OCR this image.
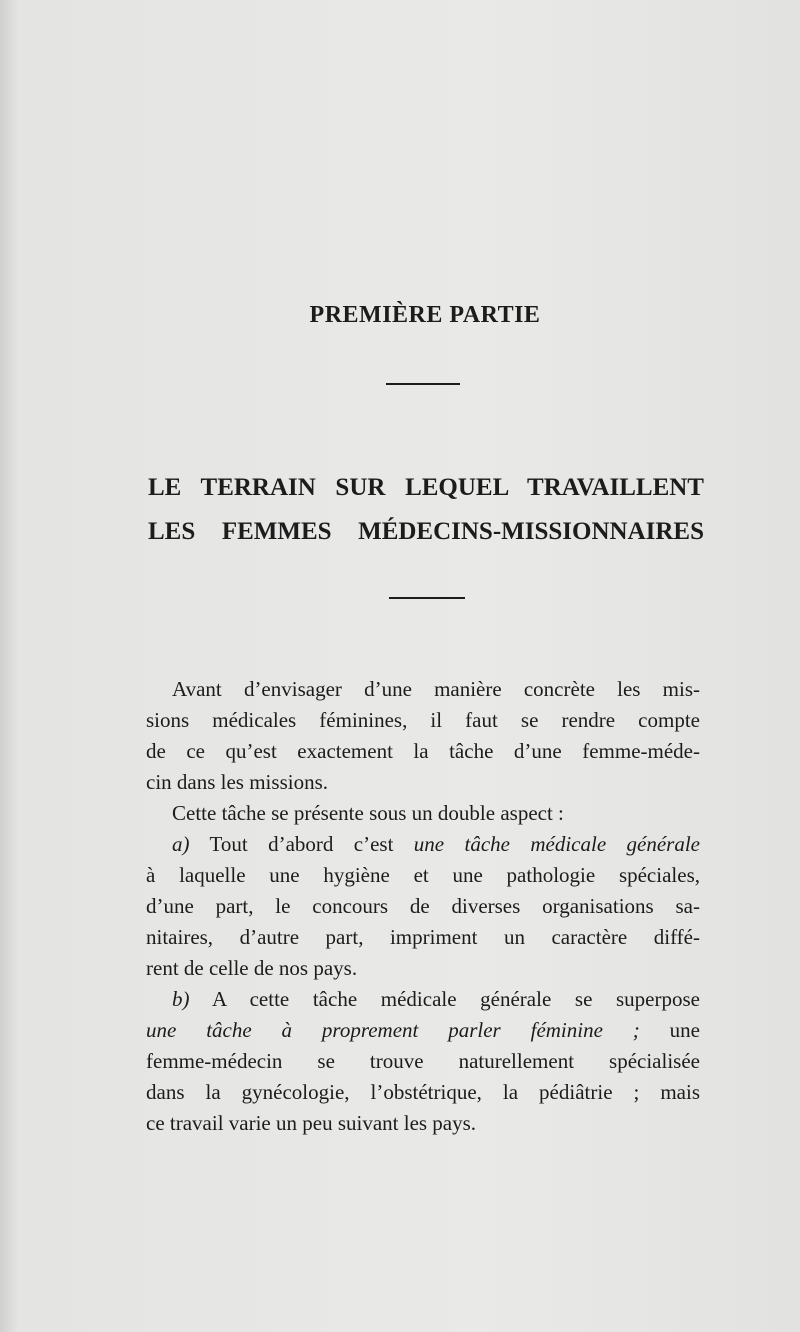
PREMIÈRE PARTIE
LE TERRAIN SUR LEQUEL TRAVAILLENT
LES FEMMES MÉDECINS-MISSIONNAIRES
Avant d’envisager d’une manière concrète les mis-
sions médicales féminines, il faut se rendre compte
de ce qu’est exactement la tâche d’une femme-méde-
cin dans les missions.
Cette tâche se présente sous un double aspect :
a) Tout d’abord c’est une tâche médicale générale
à laquelle une hygiène et une pathologie spéciales,
d’une part, le concours de diverses organisations sa-
nitaires, d’autre part, impriment un caractère diffé-
rent de celle de nos pays.
b) A cette tâche médicale générale se superpose
une tâche à proprement parler féminine ; une
femme-médecin se trouve naturellement spécialisée
dans la gynécologie, l’obstétrique, la pédiâtrie ; mais
ce travail varie un peu suivant les pays.
